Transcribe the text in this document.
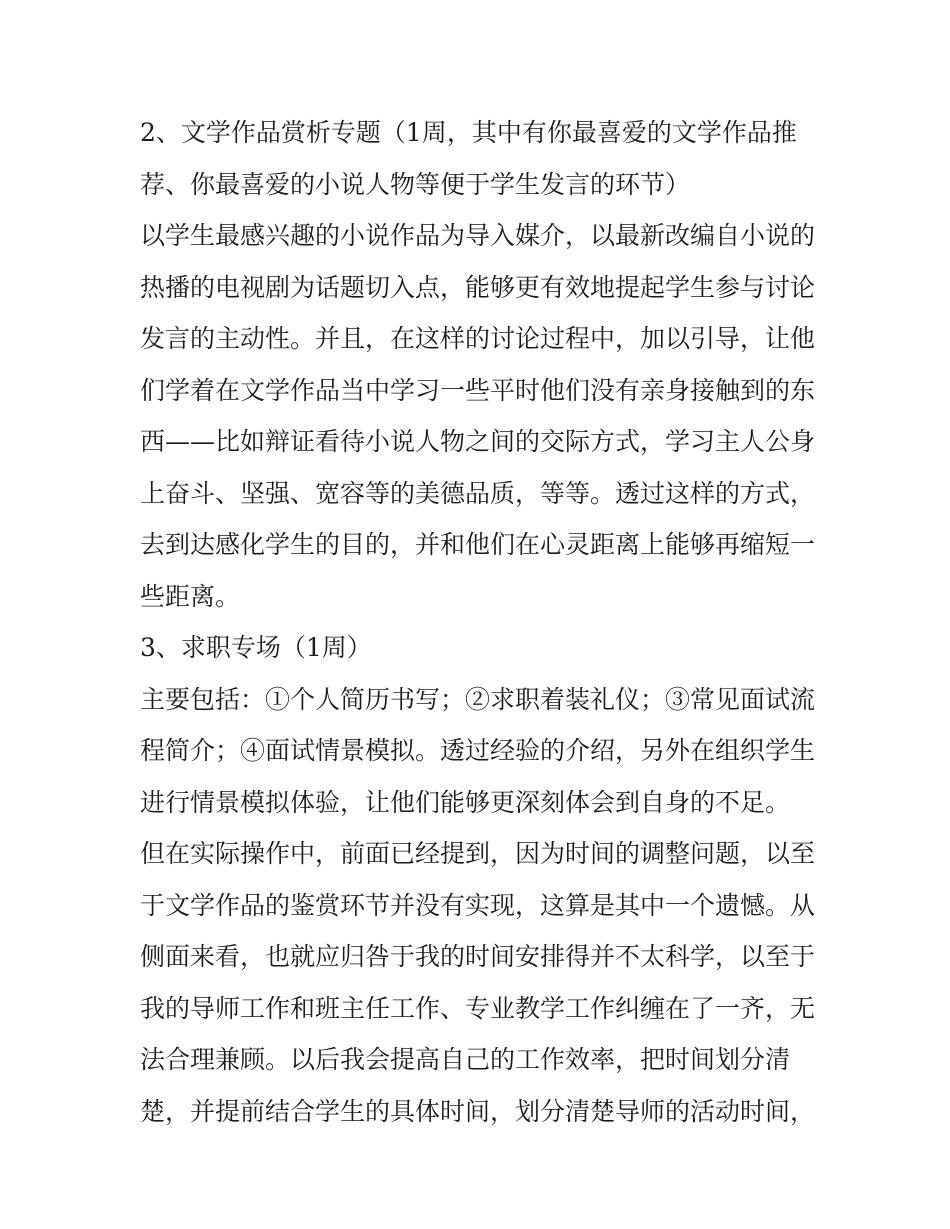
2、文学作品赏析专题（1周，其中有你最喜爱的文学作品推
荐、你最喜爱的小说人物等便于学生发言的环节）
以学生最感兴趣的小说作品为导入媒介，以最新改编自小说的
热播的电视剧为话题切入点，能够更有效地提起学生参与讨论
发言的主动性。并且，在这样的讨论过程中，加以引导，让他
们学着在文学作品当中学习一些平时他们没有亲身接触到的东
西——比如辩证看待小说人物之间的交际方式，学习主人公身
上奋斗、坚强、宽容等的美德品质，等等。透过这样的方式，
去到达感化学生的目的，并和他们在心灵距离上能够再缩短一
些距离。
3、求职专场（1周）
主要包括：①个人简历书写；②求职着装礼仪；③常见面试流
程简介；④面试情景模拟。透过经验的介绍，另外在组织学生
进行情景模拟体验，让他们能够更深刻体会到自身的不足。
但在实际操作中，前面已经提到，因为时间的调整问题，以至
于文学作品的鉴赏环节并没有实现，这算是其中一个遗憾。从
侧面来看，也就应归咎于我的时间安排得并不太科学，以至于
我的导师工作和班主任工作、专业教学工作纠缠在了一齐，无
法合理兼顾。以后我会提高自己的工作效率，把时间划分清
楚，并提前结合学生的具体时间，划分清楚导师的活动时间，
